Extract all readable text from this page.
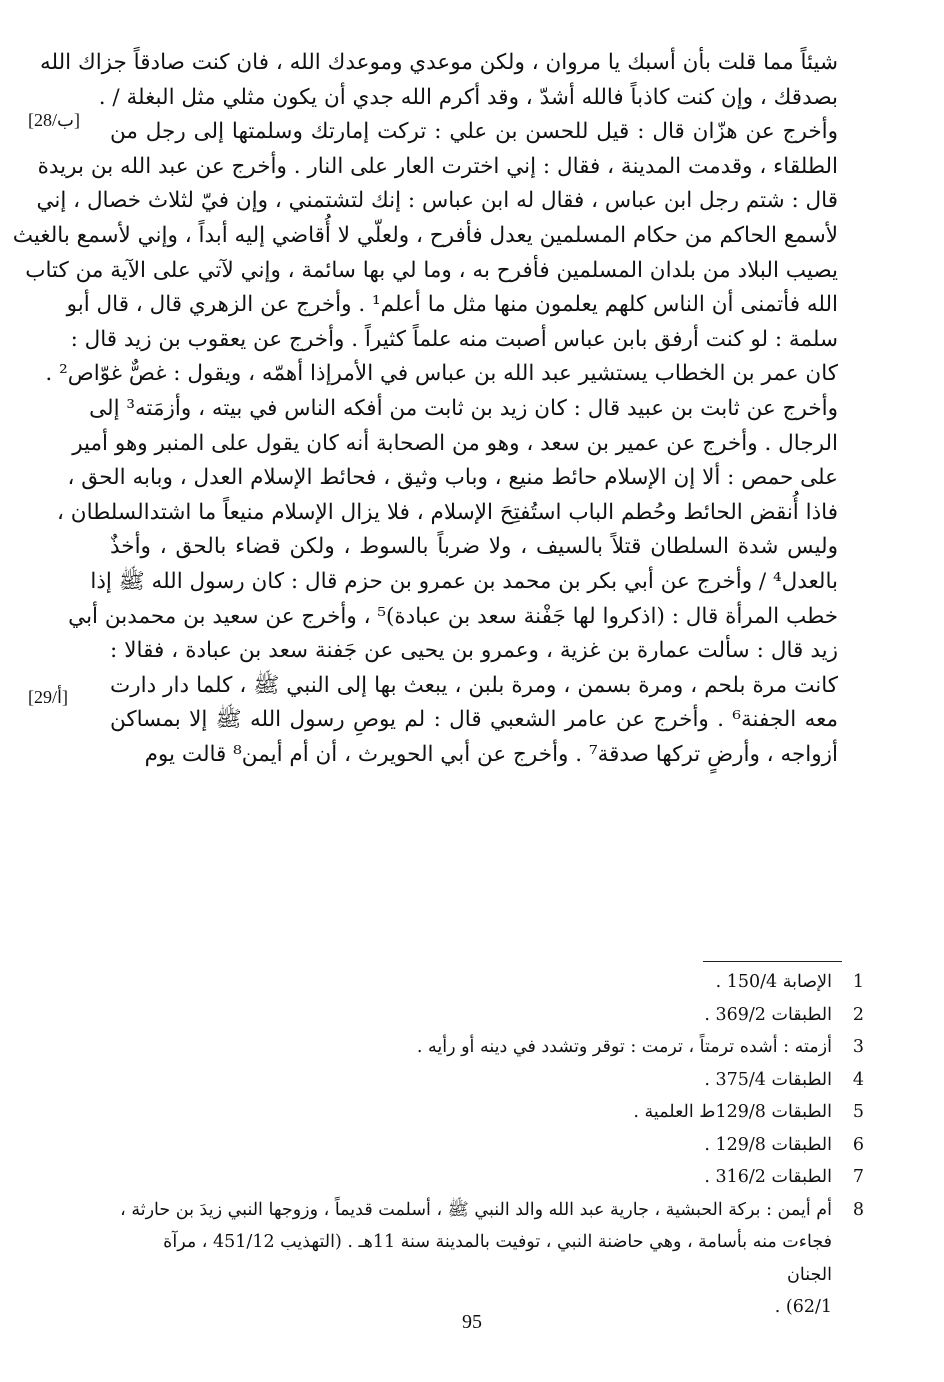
شيئاً مما قلت بأن أسبك يا مروان ، ولكن موعدي وموعدك الله ، فان كنت صادقاً جزاك الله
بصدقك ، وإن كنت كاذباً فالله أشدّ ، وقد أكرم الله جدي أن يكون مثلي مثل البغلة / .
وأخرج عن هزّان قال : قيل للحسن بن علي : تركت إمارتك وسلمتها إلى رجل من
الطلقاء ، وقدمت المدينة ، فقال : إني اخترت العار على النار . وأخرج عن عبد الله بن بريدة
قال : شتم رجل ابن عباس ، فقال له ابن عباس : إنك لتشتمني ، وإن فيّ لثلاث خصال ، إني
لأسمع الحاكم من حكام المسلمين يعدل فأفرح ، ولعلّي لا أُقاضي إليه أبداً ، وإني لأسمع بالغيث
يصيب البلاد من بلدان المسلمين فأفرح به ، وما لي بها سائمة ، وإني لآتي على الآية من كتاب
الله فأتمنى أن الناس كلهم يعلمون منها مثل ما أعلم¹ . وأخرج عن الزهري قال ، قال أبو
سلمة : لو كنت أرفق بابن عباس أصبت منه علماً كثيراً . وأخرج عن يعقوب بن زيد قال :
كان عمر بن الخطاب يستشير عبد الله بن عباس في الأمرإذا أهمّه ، ويقول : غصٌّ غوّاص² .
وأخرج عن ثابت بن عبيد قال : كان زيد بن ثابت من أفكه الناس في بيته ، وأزمَته³ إلى
الرجال . وأخرج عن عمير بن سعد ، وهو من الصحابة أنه كان يقول على المنبر وهو أمير
على حمص : ألا إن الإسلام حائط منيع ، وباب وثيق ، فحائط الإسلام العدل ، وبابه الحق ،
فاذا أُنقض الحائط وحُطم الباب استُفتِحَ الإسلام ، فلا يزال الإسلام منيعاً ما اشتدالسلطان ،
وليس شدة السلطان قتلاً بالسيف ، ولا ضرباً بالسوط ، ولكن قضاء بالحق ، وأخذٌ
بالعدل⁴ / وأخرج عن أبي بكر بن محمد بن عمرو بن حزم قال : كان رسول الله ﷺ إذا
خطب المرأة قال : (اذكروا لها جَفْنة سعد بن عبادة)⁵ ، وأخرج عن سعيد بن محمدبن أبي
زيد قال : سألت عمارة بن غزية ، وعمرو بن يحيى عن جَفنة سعد بن عبادة ، فقالا :
كانت مرة بلحم ، ومرة بسمن ، ومرة بلبن ، يبعث بها إلى النبي ﷺ ، كلما دار دارت
معه الجفنة⁶ . وأخرج عن عامر الشعبي قال : لم يوصِ رسول الله ﷺ إلا بمساكن
أزواجه ، وأرضٍ تركها صدقة⁷ . وأخرج عن أبي الحويرث ، أن أم أيمن⁸ قالت يوم
[28/ب]
[29/أ]
1
الإصابة 150/4 .
2
الطبقات 369/2 .
3
أزمته : أشده ترمتاً ، ترمت : توقر وتشدد في دينه أو رأيه .
4
الطبقات 375/4 .
5
الطبقات 129/8ط العلمية .
6
الطبقات 129/8 .
7
الطبقات 316/2 .
8
أم أيمن : بركة الحبشية ، جارية عبد الله والد النبي ﷺ ، أسلمت قديماً ، وزوجها النبي زيدَ بن حارثة ،
فجاءت منه بأسامة ، وهي حاضنة النبي ، توفيت بالمدينة سنة 11هـ . (التهذيب 451/12 ، مرآة الجنان
62/1) .
95
